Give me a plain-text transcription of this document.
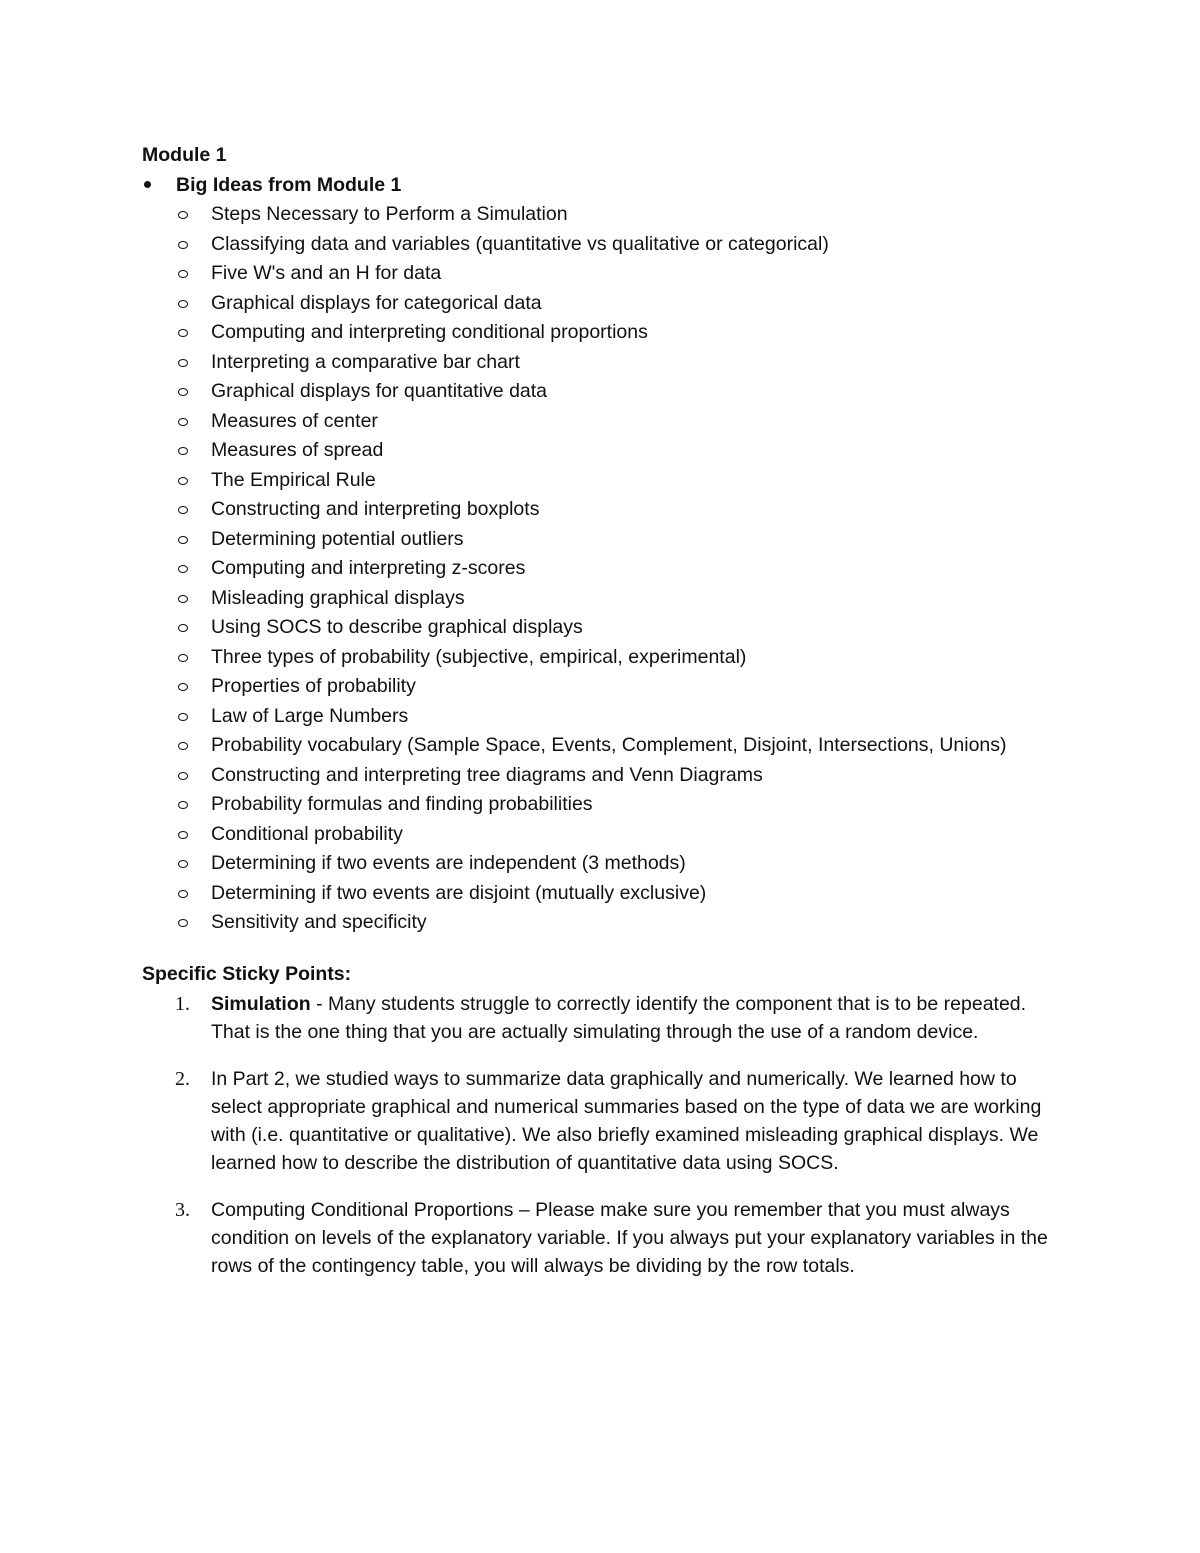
Module 1
Big Ideas from Module 1
Steps Necessary to Perform a Simulation
Classifying data and variables (quantitative vs qualitative or categorical)
Five W's and an H for data
Graphical displays for categorical data
Computing and interpreting conditional proportions
Interpreting a comparative bar chart
Graphical displays for quantitative data
Measures of center
Measures of spread
The Empirical Rule
Constructing and interpreting boxplots
Determining potential outliers
Computing and interpreting z-scores
Misleading graphical displays
Using SOCS to describe graphical displays
Three types of probability (subjective, empirical, experimental)
Properties of probability
Law of Large Numbers
Probability vocabulary (Sample Space, Events, Complement, Disjoint, Intersections, Unions)
Constructing and interpreting tree diagrams and Venn Diagrams
Probability formulas and finding probabilities
Conditional probability
Determining if two events are independent (3 methods)
Determining if two events are disjoint (mutually exclusive)
Sensitivity and specificity
Specific Sticky Points:
1. Simulation - Many students struggle to correctly identify the component that is to be repeated. That is the one thing that you are actually simulating through the use of a random device.
2. In Part 2, we studied ways to summarize data graphically and numerically. We learned how to select appropriate graphical and numerical summaries based on the type of data we are working with (i.e. quantitative or qualitative). We also briefly examined misleading graphical displays. We learned how to describe the distribution of quantitative data using SOCS.
3. Computing Conditional Proportions – Please make sure you remember that you must always condition on levels of the explanatory variable. If you always put your explanatory variables in the rows of the contingency table, you will always be dividing by the row totals.
